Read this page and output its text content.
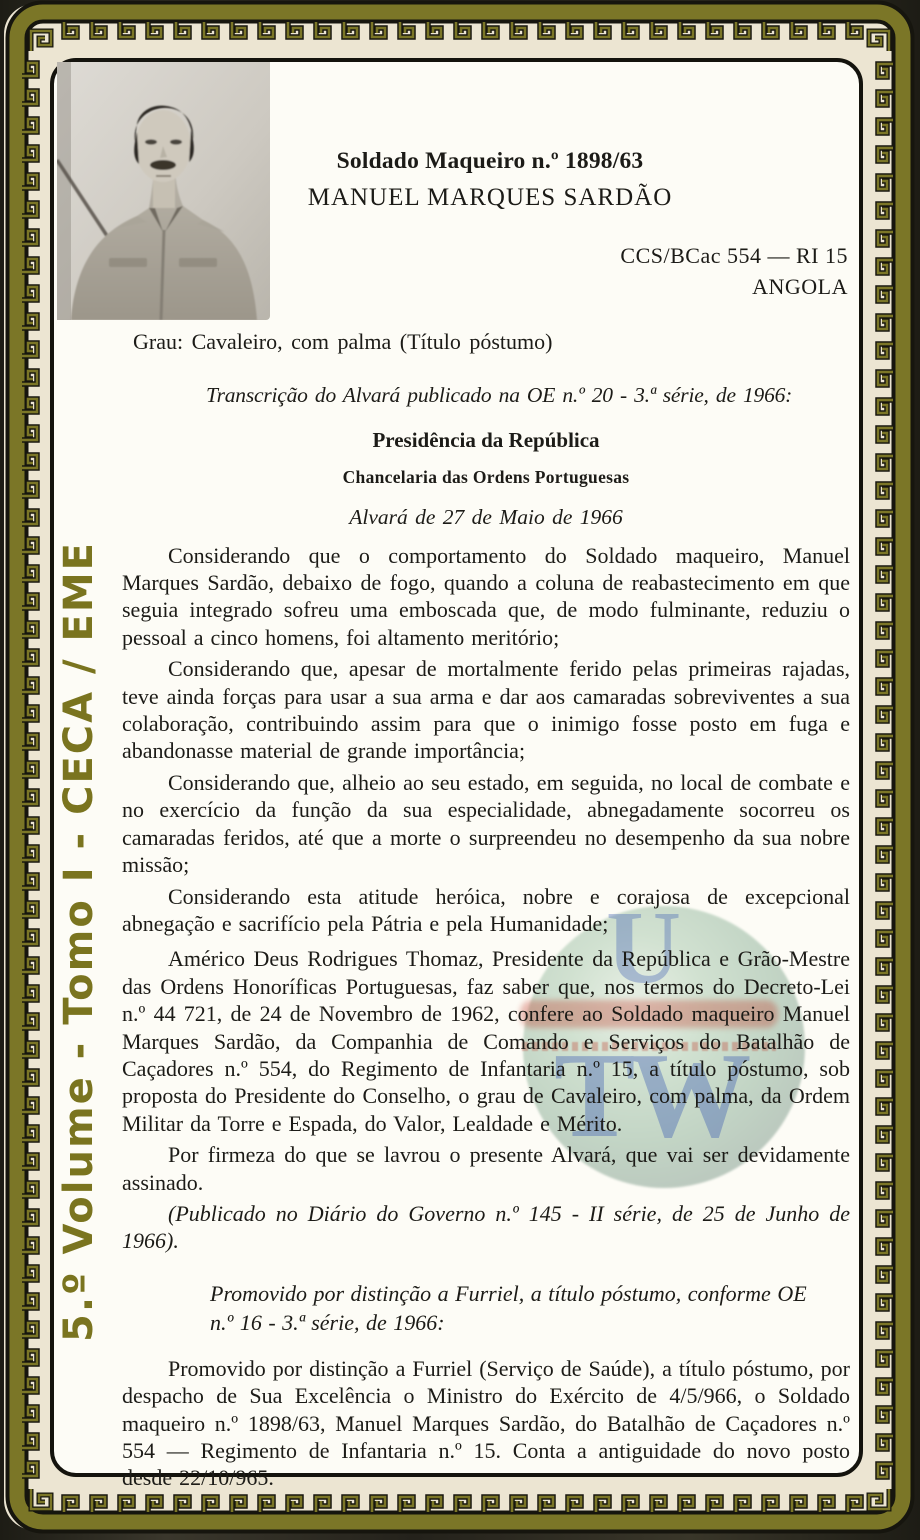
5.º Volume - Tomo I - CECA / EME	U
TW
Soldado Maqueiro n.º 1898/63
MANUEL MARQUES SARDÃO
CCS/BCac 554 — RI 15
ANGOLA
Grau: Cavaleiro, com palma (Título póstumo)
Transcrição do Alvará publicado na OE n.º 20 - 3.ª série, de 1966:
Presidência da República
Chancelaria das Ordens Portuguesas
Alvará de 27 de Maio de 1966

Considerando que o comportamento do Soldado maqueiro, Manuel Marques Sardão, debaixo de fogo, quando a coluna de reabastecimento em que seguia integrado sofreu uma emboscada que, de modo fulminante, reduziu o pessoal a cinco homens, foi altamento meritório;

Considerando que, apesar de mortalmente ferido pelas primeiras rajadas, teve ainda forças para usar a sua arma e dar aos camaradas sobreviventes a sua colaboração, contribuindo assim para que o inimigo fosse posto em fuga e abandonasse material de grande importância;

Considerando que, alheio ao seu estado, em seguida, no local de combate e no exercício da função da sua especialidade, abnegadamente socorreu os camaradas feridos, até que a morte o surpreendeu no desempenho da sua nobre missão;

Considerando esta atitude heróica, nobre e corajosa de excepcional abnegação e sacrifício pela Pátria e pela Humanidade;

Américo Deus Rodrigues Thomaz, Presidente da República e Grão-Mestre das Ordens Honoríficas Portuguesas, faz saber que, nos termos do Decreto-Lei n.º 44 721, de 24 de Novembro de 1962, confere ao Soldado maqueiro Manuel Marques Sardão, da Companhia de Comando e Serviços do Batalhão de Caçadores n.º 554, do Regimento de Infantaria n.º 15, a título póstumo, sob proposta do Presidente do Conselho, o grau de Cavaleiro, com palma, da Ordem Militar da Torre e Espada, do Valor, Lealdade e Mérito.

Por firmeza do que se lavrou o presente Alvará, que vai ser devidamente assinado.

(Publicado no Diário do Governo n.º 145 - II série, de 25 de Junho de 1966).

Promovido por distinção a Furriel, a título póstumo, conforme OE n.º 16 - 3.ª série, de 1966:

Promovido por distinção a Furriel (Serviço de Saúde), a título póstumo, por despacho de Sua Excelência o Ministro do Exército de 4/5/966, o Soldado maqueiro n.º 1898/63, Manuel Marques Sardão, do Batalhão de Caçadores n.º 554 — Regimento de Infantaria n.º 15. Conta a antiguidade do novo posto desde 22/10/965.
